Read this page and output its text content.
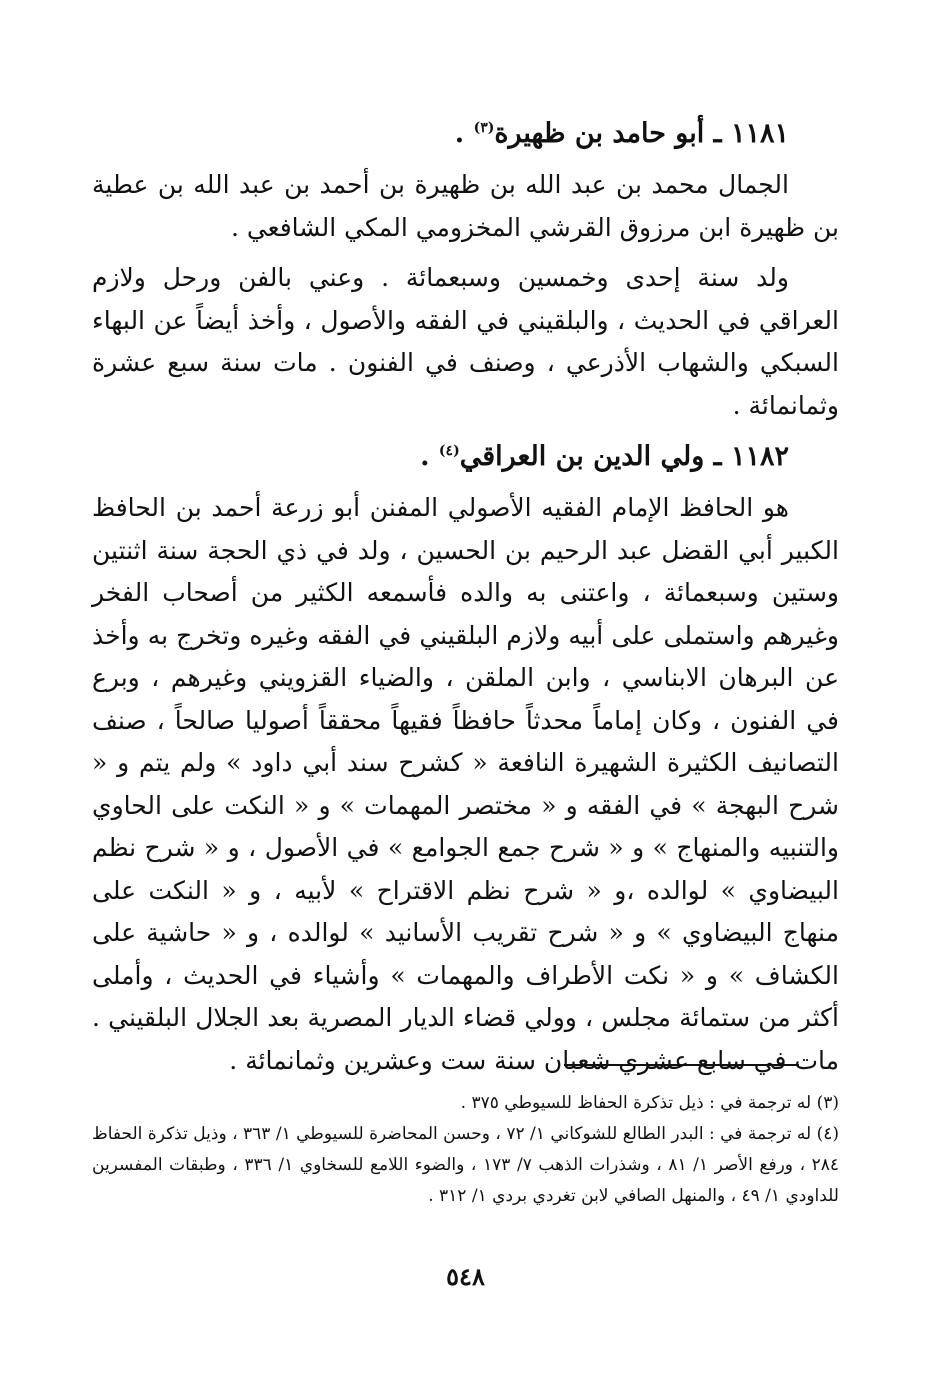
١١٨١ ـ أبو حامد بن ظهيرة$^{(٣)}$ .

الجمال محمد بن عبد الله بن ظهيرة بن أحمد بن عبد الله بن عطية بن ظهيرة ابن مرزوق القرشي المخزومي المكي الشافعي .

ولد سنة إحدى وخمسين وسبعمائة . وعني بالفن ورحل ولازم العراقي في الحديث ، والبلقيني في الفقه والأصول ، وأخذ أيضاً عن البهاء السبكي والشهاب الأذرعي ، وصنف في الفنون . مات سنة سبع عشرة وثمانمائة .

١١٨٢ ـ ولي الدين بن العراقي$^{(٤)}$ .

هو الحافظ الإمام الفقيه الأصولي المفنن أبو زرعة أحمد بن الحافظ الكبير أبي القضل عبد الرحيم بن الحسين ، ولد في ذي الحجة سنة اثنتين وستين وسبعمائة ، واعتنى به والده فأسمعه الكثير من أصحاب الفخر وغيرهم واستملى على أبيه ولازم البلقيني في الفقه وغيره وتخرج به وأخذ عن البرهان الابناسي ، وابن الملقن ، والضياء القزويني وغيرهم ، وبرع في الفنون ، وكان إماماً محدثاً حافظاً فقيهاً محققاً أصوليا صالحاً ، صنف التصانيف الكثيرة الشهيرة النافعة « كشرح سند أبي داود » ولم يتم و « شرح البهجة » في الفقه و « مختصر المهمات » و « النكت على الحاوي والتنبيه والمنهاج » و « شرح جمع الجوامع » في الأصول ، و « شرح نظم البيضاوي » لوالده ،و « شرح نظم الاقتراح » لأبيه ، و « النكت على منهاج البيضاوي » و « شرح تقريب الأسانيد » لوالده ، و « حاشية على الكشاف » و « نكت الأطراف والمهمات » وأشياء في الحديث ، وأملى أكثر من ستمائة مجلس ، وولي قضاء الديار المصرية بعد الجلال البلقيني . مات في سابع عشري شعبان سنة ست وعشرين وثمانمائة .

(٣) له ترجمة في : ذيل تذكرة الحفاظ للسيوطي ٣٧٥ .

(٤) له ترجمة في : البدر الطالع للشوكاني ١/ ٧٢ ، وحسن المحاضرة للسيوطي ١/ ٣٦٣ ، وذيل تذكرة الحفاظ ٢٨٤ ، ورفع الأصر ١/ ٨١ ، وشذرات الذهب ٧/ ١٧٣ ، والضوء اللامع للسخاوي ١/ ٣٣٦ ، وطبقات المفسرين للداودي ١/ ٤٩ ، والمنهل الصافي لابن تغردي بردي ١/ ٣١٢ .

٥٤٨
